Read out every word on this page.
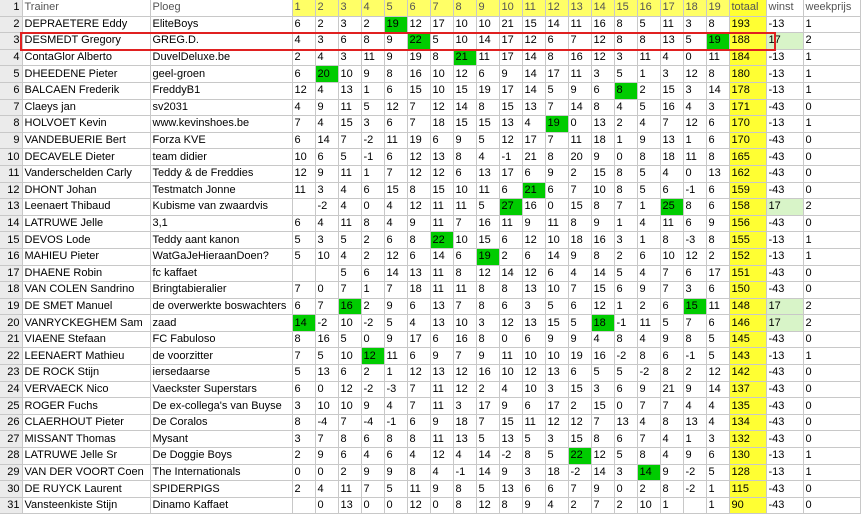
1	Trainer	Ploeg	1	2	3	4	5	6	7	8	9	10	11	12	13	14	15	16	17	18	19	totaal	winst	weekprijs
2	DEPRAETERE Eddy	EliteBoys	6	2	3	2	19	12	17	10	10	21	15	14	11	16	8	5	11	3	8	193	-13	1
3	DESMEDT Gregory	GREG.D.	4	3	6	8	9	22	5	10	14	17	12	6	7	12	8	8	13	5	19	188	17	2
4	ContaGlor Alberto	DuvelDeluxe.be	2	4	3	11	9	19	8	21	11	17	14	8	16	12	3	11	4	0	11	184	-13	1
5	DHEEDENE Pieter	geel-groen	6	20	10	9	8	16	10	12	6	9	14	17	11	3	5	1	3	12	8	180	-13	1
6	BALCAEN Frederik	FreddyB1	12	4	13	1	6	15	10	15	19	17	14	5	9	6	8	2	15	3	14	178	-13	1
7	Claeys jan	sv2031	4	9	11	5	12	7	12	14	8	15	13	7	14	8	4	5	16	4	3	171	-43	0
8	HOLVOET Kevin	www.kevinshoes.be	7	4	15	3	6	7	18	15	15	13	4	19	0	13	2	4	7	12	6	170	-13	1
9	VANDEBUERIE Bert	Forza KVE	6	14	7	-2	11	19	6	9	5	12	17	7	11	18	1	9	13	1	6	170	-43	0
10	DECAVELE Dieter	team didier	10	6	5	-1	6	12	13	8	4	-1	21	8	20	9	0	8	18	11	8	165	-43	0
11	Vanderschelden Carly	Teddy & de Freddies	12	9	11	1	7	12	12	6	13	17	6	9	2	15	8	5	4	0	13	162	-43	0
12	DHONT Johan	Testmatch Jonne	11	3	4	6	15	8	15	10	11	6	21	6	7	10	8	5	6	-1	6	159	-43	0
13	Leenaert Thibaud	Kubisme van zwaardvis		-2	4	0	4	12	11	11	5	27	16	0	15	8	7	1	25	8	6	158	17	2
14	LATRUWE Jelle	3,1	6	4	11	8	4	9	11	7	16	11	9	11	8	9	1	4	11	6	9	156	-43	0
15	DEVOS Lode	Teddy aant kanon	5	3	5	2	6	8	22	10	15	6	12	10	18	16	3	1	8	-3	8	155	-13	1
16	MAHIEU Pieter	WatGaJeHieraanDoen?	5	10	4	2	12	6	14	6	19	2	6	14	9	8	2	6	10	12	2	152	-13	1
17	DHAENE Robin	fc kaffaet			5	6	14	13	11	8	12	14	12	6	4	14	5	4	7	6	17	151	-43	0
18	VAN COLEN Sandrino	Bringtabieralier	7	0	7	1	7	18	11	11	8	8	13	10	7	15	6	9	7	3	6	150	-43	0
19	DE SMET Manuel	de overwerkte boswachters	6	7	16	2	9	6	13	7	8	6	3	5	6	12	1	2	6	15	11	148	17	2
20	VANRYCKEGHEM Sam	zaad	14	-2	10	-2	5	4	13	10	3	12	13	15	5	18	-1	11	5	7	6	146	17	2
21	VIAENE Stefaan	FC Fabuloso	8	16	5	0	9	17	6	16	8	0	6	9	9	4	8	4	9	8	5	145	-43	0
22	LEENAERT Mathieu	de voorzitter	7	5	10	12	11	6	9	7	9	11	10	10	19	16	-2	8	6	-1	5	143	-13	1
23	DE ROCK Stijn	iersedaarse	5	13	6	2	1	12	13	12	16	10	12	13	6	5	5	-2	8	2	12	142	-43	0
24	VERVAECK Nico	Vaeckster Superstars	6	0	12	-2	-3	7	11	12	2	4	10	3	15	3	6	9	21	9	14	137	-43	0
25	ROGER Fuchs	De ex-collega's van Buyse	3	10	10	9	4	7	11	3	17	9	6	17	2	15	0	7	7	4	4	135	-43	0
26	CLAERHOUT Pieter	De Coralos	8	-4	7	-4	-1	6	9	18	7	15	11	12	12	7	13	4	8	13	4	134	-43	0
27	MISSANT Thomas	Mysant	3	7	8	6	8	8	11	13	5	13	5	3	15	8	6	7	4	1	3	132	-43	0
28	LATRUWE Jelle Sr	De Doggie Boys	2	9	6	4	6	4	12	4	14	-2	8	5	22	12	5	8	4	9	6	130	-13	1
29	VAN DER VOORT Coen	The Internationals	0	0	2	9	9	8	4	-1	14	9	3	18	-2	14	3	14	9	-2	5	128	-13	1
30	DE RUYCK Laurent	SPIDERPIGS	2	4	11	7	5	11	9	8	5	13	6	6	7	9	0	2	8	-2	1	115	-43	0
31	Vansteenkiste Stijn	Dinamo Kaffaet		0	13	0	0	12	0	8	12	8	9	4	2	7	2	10	1		1	90	-43	0
